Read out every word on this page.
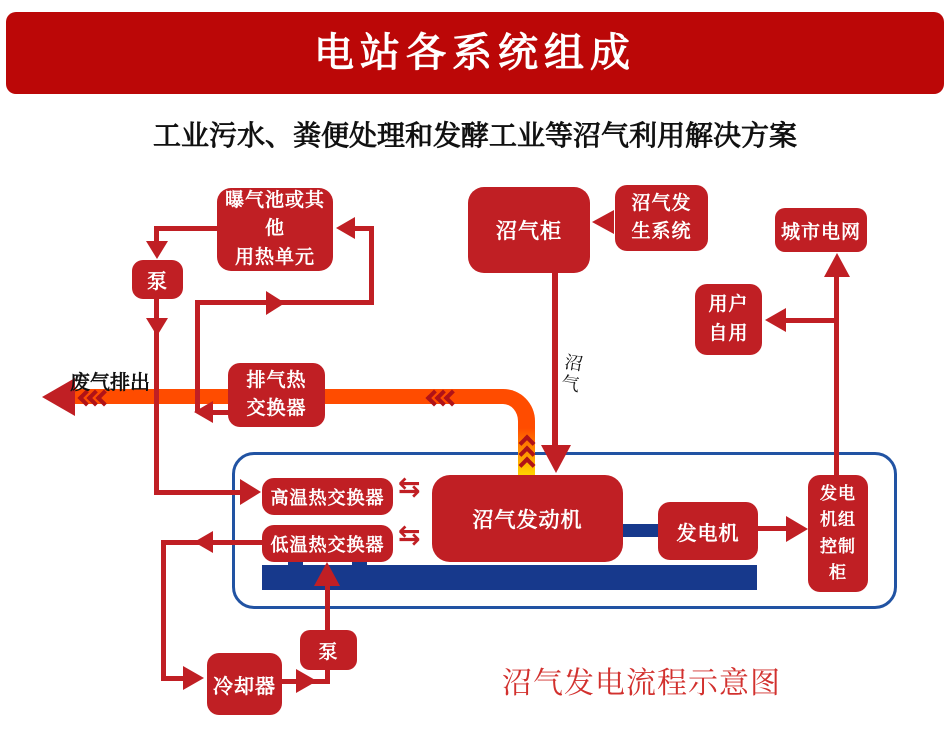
电站各系统组成
工业污水、粪便处理和发酵工业等沼气利用解决方案
沼气
⇆
⇆
曝气池或其他
用热单元
泵
沼气柜
沼气发
生系统	城市电网
用户
自用
排气热
交换器
高温热交换器
低温热交换器
沼气发动机
发电机
发电
机组
控制
柜
泵
冷却器
废气排出
沼气发电流程示意图
